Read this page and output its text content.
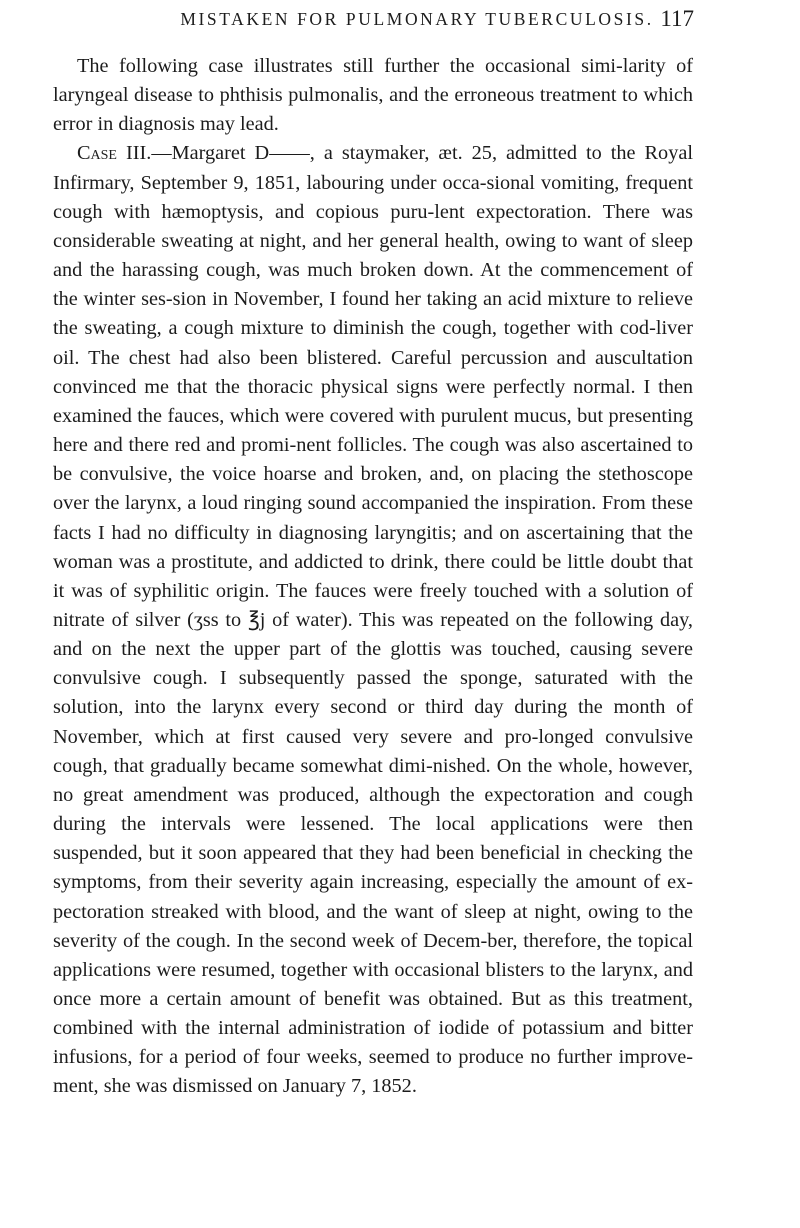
MISTAKEN FOR PULMONARY TUBERCULOSIS. 117

The following case illustrates still further the occasional simi-larity of laryngeal disease to phthisis pulmonalis, and the erroneous treatment to which error in diagnosis may lead.

Case III.—Margaret D——, a staymaker, æt. 25, admitted to the Royal Infirmary, September 9, 1851, labouring under occa-sional vomiting, frequent cough with hæmoptysis, and copious puru-lent expectoration. There was considerable sweating at night, and her general health, owing to want of sleep and the harassing cough, was much broken down. At the commencement of the winter ses-sion in November, I found her taking an acid mixture to relieve the sweating, a cough mixture to diminish the cough, together with cod-liver oil. The chest had also been blistered. Careful percussion and auscultation convinced me that the thoracic physical signs were perfectly normal. I then examined the fauces, which were covered with purulent mucus, but presenting here and there red and promi-nent follicles. The cough was also ascertained to be convulsive, the voice hoarse and broken, and, on placing the stethoscope over the larynx, a loud ringing sound accompanied the inspiration. From these facts I had no difficulty in diagnosing laryngitis; and on ascertaining that the woman was a prostitute, and addicted to drink, there could be little doubt that it was of syphilitic origin. The fauces were freely touched with a solution of nitrate of silver (ʒss to ℥j of water). This was repeated on the following day, and on the next the upper part of the glottis was touched, causing severe convulsive cough. I subsequently passed the sponge, saturated with the solution, into the larynx every second or third day during the month of November, which at first caused very severe and pro-longed convulsive cough, that gradually became somewhat dimi-nished. On the whole, however, no great amendment was produced, although the expectoration and cough during the intervals were lessened. The local applications were then suspended, but it soon appeared that they had been beneficial in checking the symptoms, from their severity again increasing, especially the amount of ex-pectoration streaked with blood, and the want of sleep at night, owing to the severity of the cough. In the second week of Decem-ber, therefore, the topical applications were resumed, together with occasional blisters to the larynx, and once more a certain amount of benefit was obtained. But as this treatment, combined with the internal administration of iodide of potassium and bitter infusions, for a period of four weeks, seemed to produce no further improve-ment, she was dismissed on January 7, 1852.
